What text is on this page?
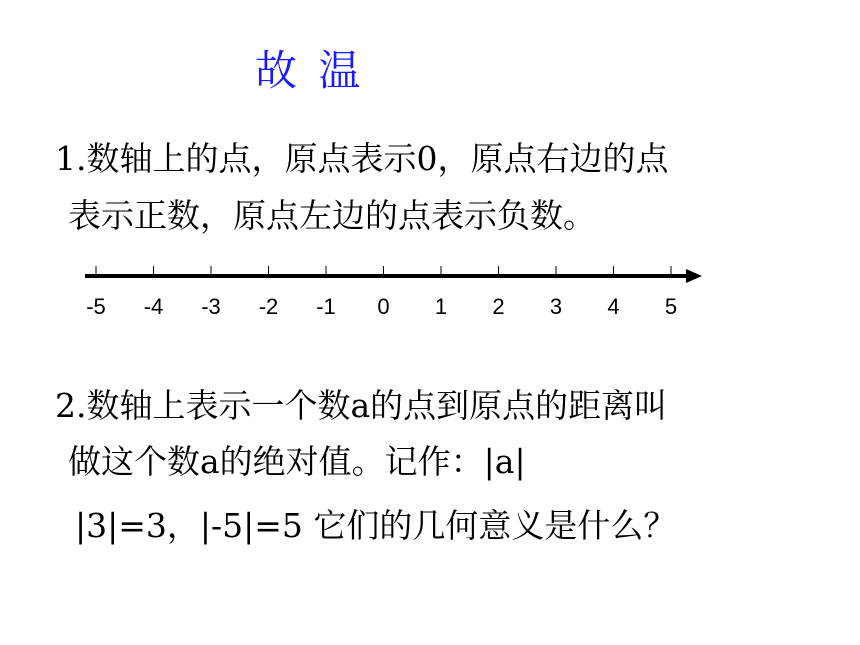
故 温
1.数轴上的点，原点表示0，原点右边的点
表示正数，原点左边的点表示负数。
-5 -4 -3 -2 -1 0 1 2 3 4 5
2.数轴上表示一个数a的点到原点的距离叫
做这个数a的绝对值。记作：|a|
|3|=3，|-5|=5 它们的几何意义是什么？
